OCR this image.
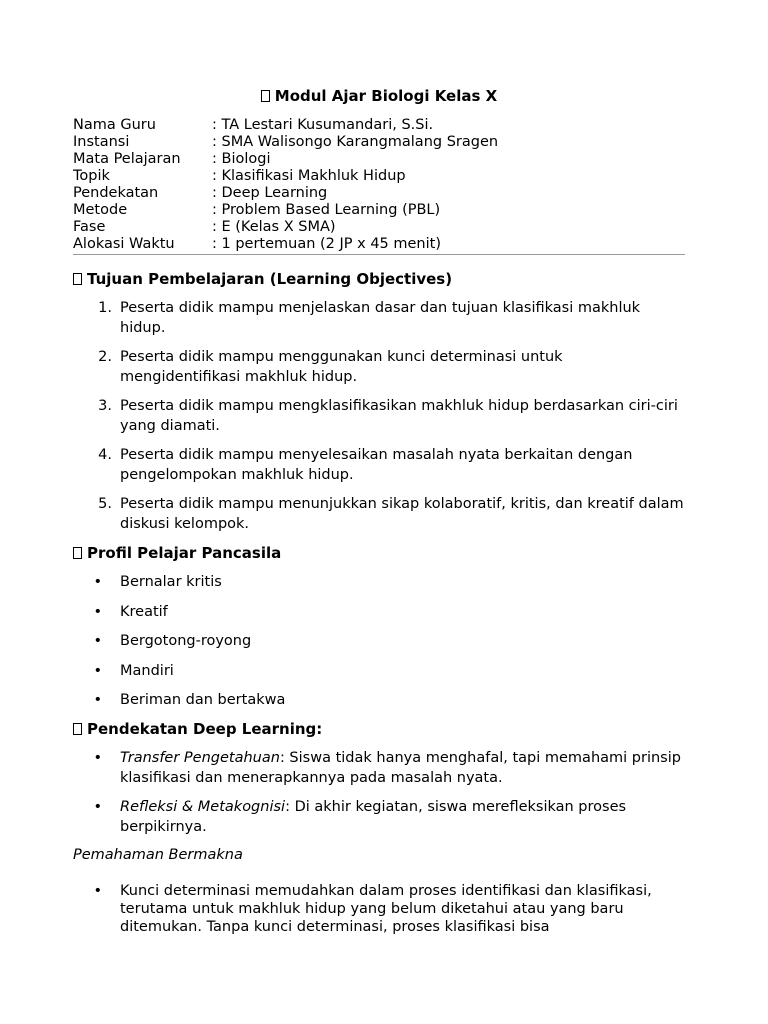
Modul Ajar Biologi Kelas X
Nama Guru	: TA Lestari Kusumandari, S.Si.
Instansi	: SMA Walisongo Karangmalang Sragen
Mata Pelajaran	: Biologi
Topik	: Klasifikasi Makhluk Hidup
Pendekatan	: Deep Learning
Metode	: Problem Based Learning (PBL)
Fase	: E (Kelas X SMA)
Alokasi Waktu	: 1 pertemuan (2 JP x 45 menit)
Tujuan Pembelajaran (Learning Objectives)
1. Peserta didik mampu menjelaskan dasar dan tujuan klasifikasi makhluk hidup.
2. Peserta didik mampu menggunakan kunci determinasi untuk mengidentifikasi makhluk hidup.
3. Peserta didik mampu mengklasifikasikan makhluk hidup berdasarkan ciri-ciri yang diamati.
4. Peserta didik mampu menyelesaikan masalah nyata berkaitan dengan pengelompokan makhluk hidup.
5. Peserta didik mampu menunjukkan sikap kolaboratif, kritis, dan kreatif dalam diskusi kelompok.
Profil Pelajar Pancasila
• Bernalar kritis
• Kreatif
• Bergotong-royong
• Mandiri
• Beriman dan bertakwa
Pendekatan Deep Learning:
• Transfer Pengetahuan: Siswa tidak hanya menghafal, tapi memahami prinsip klasifikasi dan menerapkannya pada masalah nyata.
• Refleksi & Metakognisi: Di akhir kegiatan, siswa merefleksikan proses berpikirnya.
Pemahaman Bermakna
• Kunci determinasi memudahkan dalam proses identifikasi dan klasifikasi, terutama untuk makhluk hidup yang belum diketahui atau yang baru ditemukan. Tanpa kunci determinasi, proses klasifikasi bisa
